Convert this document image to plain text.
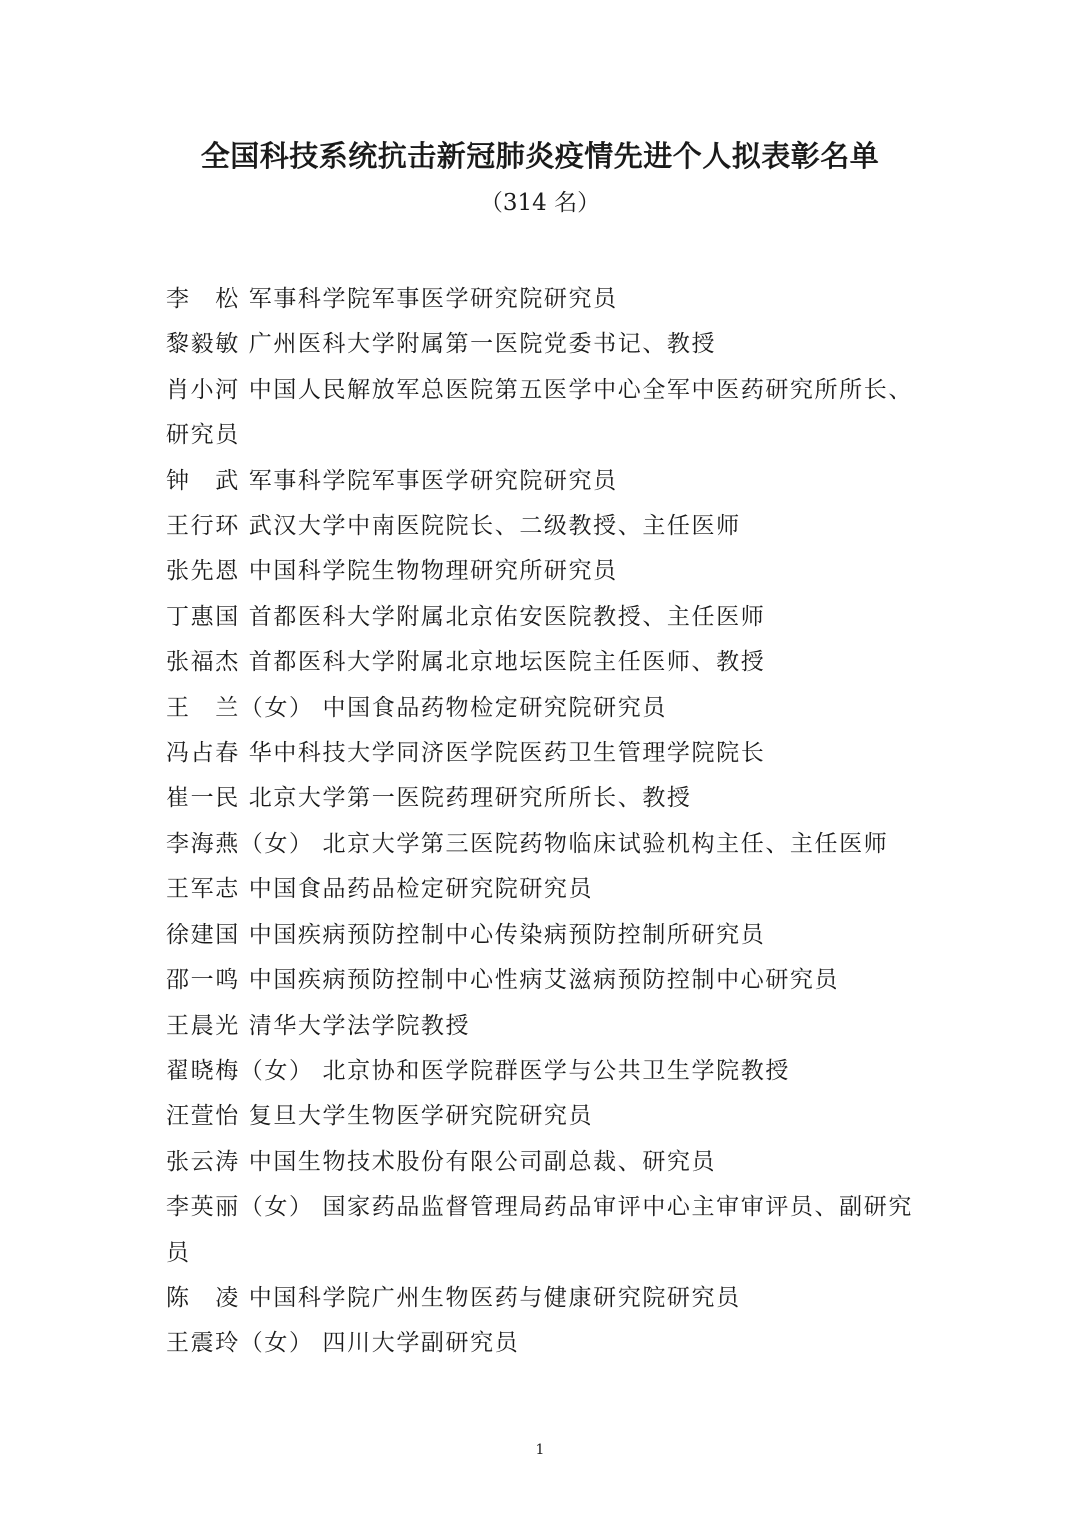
全国科技系统抗击新冠肺炎疫情先进个人拟表彰名单
（314 名）
李　松 军事科学院军事医学研究院研究员
黎毅敏 广州医科大学附属第一医院党委书记、教授
肖小河 中国人民解放军总医院第五医学中心全军中医药研究所所长、研究员
钟　武 军事科学院军事医学研究院研究员
王行环 武汉大学中南医院院长、二级教授、主任医师
张先恩 中国科学院生物物理研究所研究员
丁惠国 首都医科大学附属北京佑安医院教授、主任医师
张福杰 首都医科大学附属北京地坛医院主任医师、教授
王　兰（女） 中国食品药物检定研究院研究员
冯占春 华中科技大学同济医学院医药卫生管理学院院长
崔一民 北京大学第一医院药理研究所所长、教授
李海燕（女） 北京大学第三医院药物临床试验机构主任、主任医师
王军志 中国食品药品检定研究院研究员
徐建国 中国疾病预防控制中心传染病预防控制所研究员
邵一鸣 中国疾病预防控制中心性病艾滋病预防控制中心研究员
王晨光 清华大学法学院教授
翟晓梅（女） 北京协和医学院群医学与公共卫生学院教授
汪萱怡 复旦大学生物医学研究院研究员
张云涛 中国生物技术股份有限公司副总裁、研究员
李英丽（女） 国家药品监督管理局药品审评中心主审审评员、副研究员
陈　凌 中国科学院广州生物医药与健康研究院研究员
王震玲（女） 四川大学副研究员
1
